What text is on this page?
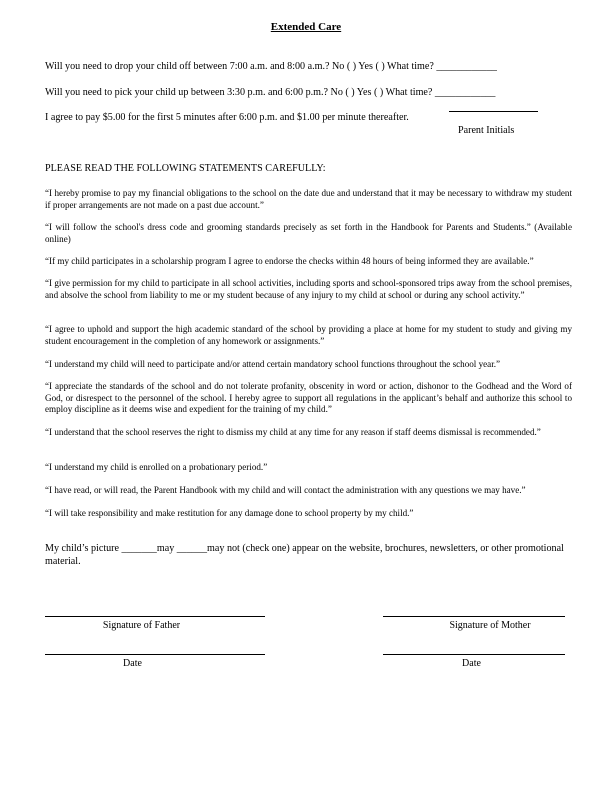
Extended Care
Will you need to drop your child off between 7:00 a.m. and 8:00 a.m.? No ( ) Yes ( ) What time? ____________
Will you need to pick your child up between 3:30 p.m. and 6:00 p.m.? No ( ) Yes ( ) What time? ____________
I agree to pay $5.00 for the first 5 minutes after 6:00 p.m. and $1.00 per minute thereafter.
Parent Initials
PLEASE READ THE FOLLOWING STATEMENTS CAREFULLY:
“I hereby promise to pay my financial obligations to the school on the date due and understand that it may be necessary to withdraw my student if proper arrangements are not made on a past due account.”
“I will follow the school's dress code and grooming standards precisely as set forth in the Handbook for Parents and Students.” (Available online)
“If my child participates in a scholarship program I agree to endorse the checks within 48 hours of being informed they are available.”
“I give permission for my child to participate in all school activities, including sports and school-sponsored trips away from the school premises, and absolve the school from liability to me or my student because of any injury to my child at school or during any school activity.”
“I agree to uphold and support the high academic standard of the school by providing a place at home for my student to study and giving my student encouragement in the completion of any homework or assignments.”
“I understand my child will need to participate and/or attend certain mandatory school functions throughout the school year.”
“I appreciate the standards of the school and do not tolerate profanity, obscenity in word or action, dishonor to the Godhead and the Word of God, or disrespect to the personnel of the school. I hereby agree to support all regulations in the applicant’s behalf and authorize this school to employ discipline as it deems wise and expedient for the training of my child.”
“I understand that the school reserves the right to dismiss my child at any time for any reason if staff deems dismissal is recommended.”
“I understand my child is enrolled on a probationary period.”
“I have read, or will read, the Parent Handbook with my child and will contact the administration with any questions we may have.”
“I will take responsibility and make restitution for any damage done to school property by my child.”
My child’s picture _______may ______may not (check one) appear on the website, brochures, newsletters, or other promotional material.
Signature of Father	Signature of Mother
Date	Date
